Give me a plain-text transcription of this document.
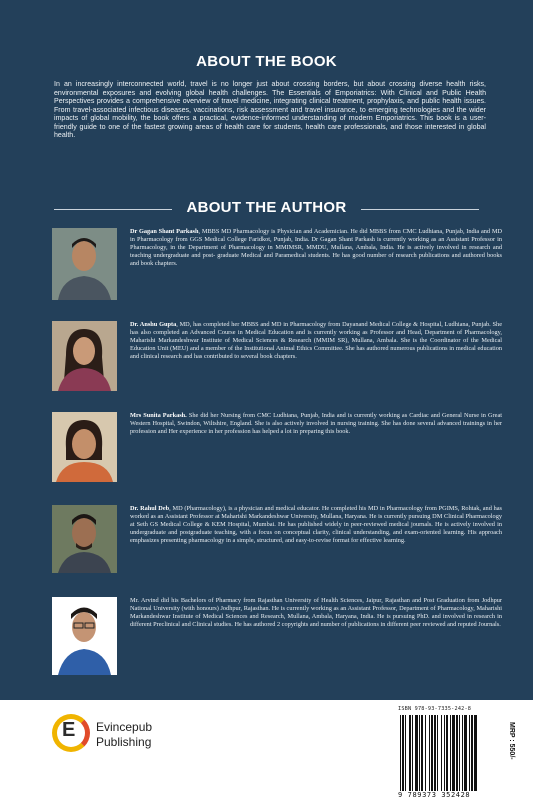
ABOUT THE BOOK

In an increasingly interconnected world, travel is no longer just about crossing borders, but about crossing diverse health risks, environmental exposures and evolving global health challenges. The Essentials of Emporiatrics: With Clinical and Public Health Perspectives provides a comprehensive overview of travel medicine, integrating clinical treatment, prophylaxis, and public health issues. From travel-associated infectious diseases, vaccinations, risk assessment and travel insurance, to emerging technologies and the wider impacts of global mobility, the book offers a practical, evidence-informed understanding of modern Emporiatrics. This book is a user-friendly guide to one of the fastest growing areas of health care for students, health care professionals, and those interested in global health.

ABOUT THE AUTHOR

Dr Gagan Shant Parkash, MBBS MD Pharmacology is Physician and Academician. He did MBBS from CMC Ludhiana, Punjab, India and MD in Pharmacology from GGS Medical College Faridkot, Punjab, India. Dr Gagan Shant Parkash is currently working as an Assistant Professor in Pharmacology, in the Department of Pharmacology in MMIMSR, MMDU, Mullana, Ambala, India. He is actively involved in research and teaching undergraduate and post- graduate Medical and Paramedical students. He has good number of research publications and authored books and book chapters.

Dr. Anshu Gupta, MD, has completed her MBBS and MD in Pharmacology from Dayanand Medical College & Hospital, Ludhiana, Punjab. She has also completed an Advanced Course in Medical Education and is currently working as Professor and Head, Department of Pharmacology, Maharishi Markandeshwar Institute of Medical Sciences & Research (MMIM SR), Mullana, Ambala. She is the Coordinator of the Medical Education Unit (MEU) and a member of the Institutional Animal Ethics Committee. She has authored numerous publications in medical education and clinical research and has contributed to several book chapters.

Mrs Sunita Parkash. She did her Nursing from CMC Ludhiana, Punjab, India and is currently working as Cardiac and General Nurse in Great Western Hospital, Swindon, Wiltshire, England. She is also actively involved in nursing training. She has done several advanced trainings in her profession and Her experience in her profession has helped a lot in preparing this book.

Dr. Rahul Deb, MD (Pharmacology), is a physician and medical educator. He completed his MD in Pharmacology from PGIMS, Rohtak, and has worked as an Assistant Professor at Maharishi Markandeshwar University, Mullana, Haryana. He is currently pursuing DM Clinical Pharmacology at Seth GS Medical College & KEM Hospital, Mumbai. He has published widely in peer-reviewed medical journals. He is actively involved in undergraduate and postgraduate teaching, with a focus on conceptual clarity, clinical understanding, and exam-oriented learning. His approach emphasizes presenting pharmacology in a simple, structured, and easy-to-revise format for effective learning.

Mr. Arvind did his Bachelors of Pharmacy from Rajasthan University of Health Sciences, Jaipur, Rajasthan and Post Graduation from Jodhpur National University (with honours) Jodhpur, Rajasthan. He is currently working as an Assistant Professor, Department of Pharmacology, Maharishi Markandeshwar Institute of Medical Sciences and Research, Mullana, Ambala, Haryana, India. He is pursuing PhD. and involved in research in different Preclinical and Clinical studies. He has authored 2 copyrights and number of publications in different peer reviewed and reputed Journals.

E Evincepub
Publishing
ISBN 978-93-7335-242-8
9 789373 352428
MRP : 550/-
